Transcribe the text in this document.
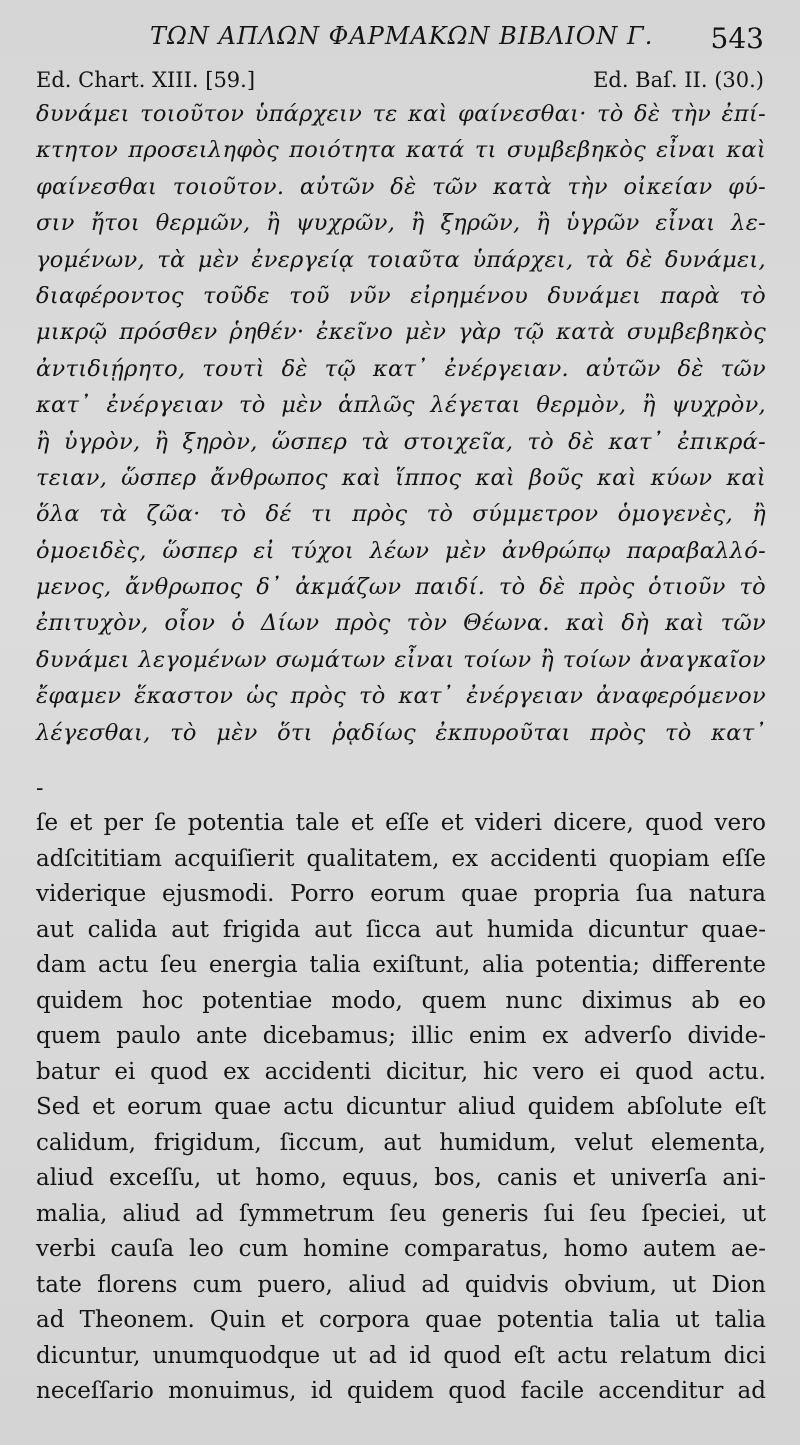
ΤΩΝ ΑΠΛΩΝ ΦΑΡΜΑΚΩΝ ΒΙΒΛΙΟΝ Γ. 543
Ed. Chart. XIII. [59.]	Ed. Baſ. II. (30.)
δυνάμει τοιοῦτον ὑπάρχειν τε καὶ φαίνεσθαι· τὸ δὲ τὴν ἐπί-
κτητον προσειληφὸς ποιότητα κατά τι συμβεβηκὸς εἶναι καὶ
φαίνεσθαι τοιοῦτον. αὐτῶν δὲ τῶν κατὰ τὴν οἰκείαν φύ-
σιν ἤτοι θερμῶν, ἢ ψυχρῶν, ἢ ξηρῶν, ἢ ὑγρῶν εἶναι λε-
γομένων, τὰ μὲν ἐνεργείᾳ τοιαῦτα ὑπάρχει, τὰ δὲ δυνάμει,
διαφέροντος τοῦδε τοῦ νῦν εἰρημένου δυνάμει παρὰ τὸ
μικρῷ πρόσθεν ῥηθέν· ἐκεῖνο μὲν γὰρ τῷ κατὰ συμβεβηκὸς
ἀντιδιῄρητο, τουτὶ δὲ τῷ κατ᾽ ἐνέργειαν. αὐτῶν δὲ τῶν
κατ᾽ ἐνέργειαν τὸ μὲν ἁπλῶς λέγεται θερμὸν, ἢ ψυχρὸν,
ἢ ὑγρὸν, ἢ ξηρὸν, ὥσπερ τὰ στοιχεῖα, τὸ δὲ κατ᾽ ἐπικρά-
τειαν, ὥσπερ ἄνθρωπος καὶ ἵππος καὶ βοῦς καὶ κύων καὶ
ὅλα τὰ ζῶα· τὸ δέ τι πρὸς τὸ σύμμετρον ὁμογενὲς, ἢ
ὁμοειδὲς, ὥσπερ εἰ τύχοι λέων μὲν ἀνθρώπῳ παραβαλλό-
μενος, ἄνθρωπος δ᾽ ἀκμάζων παιδί. τὸ δὲ πρὸς ὁτιοῦν τὸ
ἐπιτυχὸν, οἷον ὁ Δίων πρὸς τὸν Θέωνα. καὶ δὴ καὶ τῶν
δυνάμει λεγομένων σωμάτων εἶναι τοίων ἢ τοίων ἀναγκαῖον
ἔφαμεν ἕκαστον ὡς πρὸς τὸ κατ᾽ ἐνέργειαν ἀναφερόμενον
λέγεσθαι, τὸ μὲν ὅτι ῥᾳδίως ἐκπυροῦται πρὸς τὸ κατ᾽
-
ſe et per ſe potentia tale et eſſe et videri dicere, quod vero
adſcititiam acquiſierit qualitatem, ex accidenti quopiam eſſe
viderique ejusmodi. Porro eorum quae propria ſua natura
aut calida aut frigida aut ſicca aut humida dicuntur quae-
dam actu ſeu energia talia exiſtunt, alia potentia; differente
quidem hoc potentiae modo, quem nunc diximus ab eo
quem paulo ante dicebamus; illic enim ex adverſo divide-
batur ei quod ex accidenti dicitur, hic vero ei quod actu.
Sed et eorum quae actu dicuntur aliud quidem abſolute eſt
calidum, frigidum, ſiccum, aut humidum, velut elementa,
aliud exceſſu, ut homo, equus, bos, canis et univerſa ani-
malia, aliud ad ſymmetrum ſeu generis ſui ſeu ſpeciei, ut
verbi cauſa leo cum homine comparatus, homo autem ae-
tate florens cum puero, aliud ad quidvis obvium, ut Dion
ad Theonem. Quin et corpora quae potentia talia ut talia
dicuntur, unumquodque ut ad id quod eſt actu relatum dici
neceſſario monuimus, id quidem quod facile accenditur ad
